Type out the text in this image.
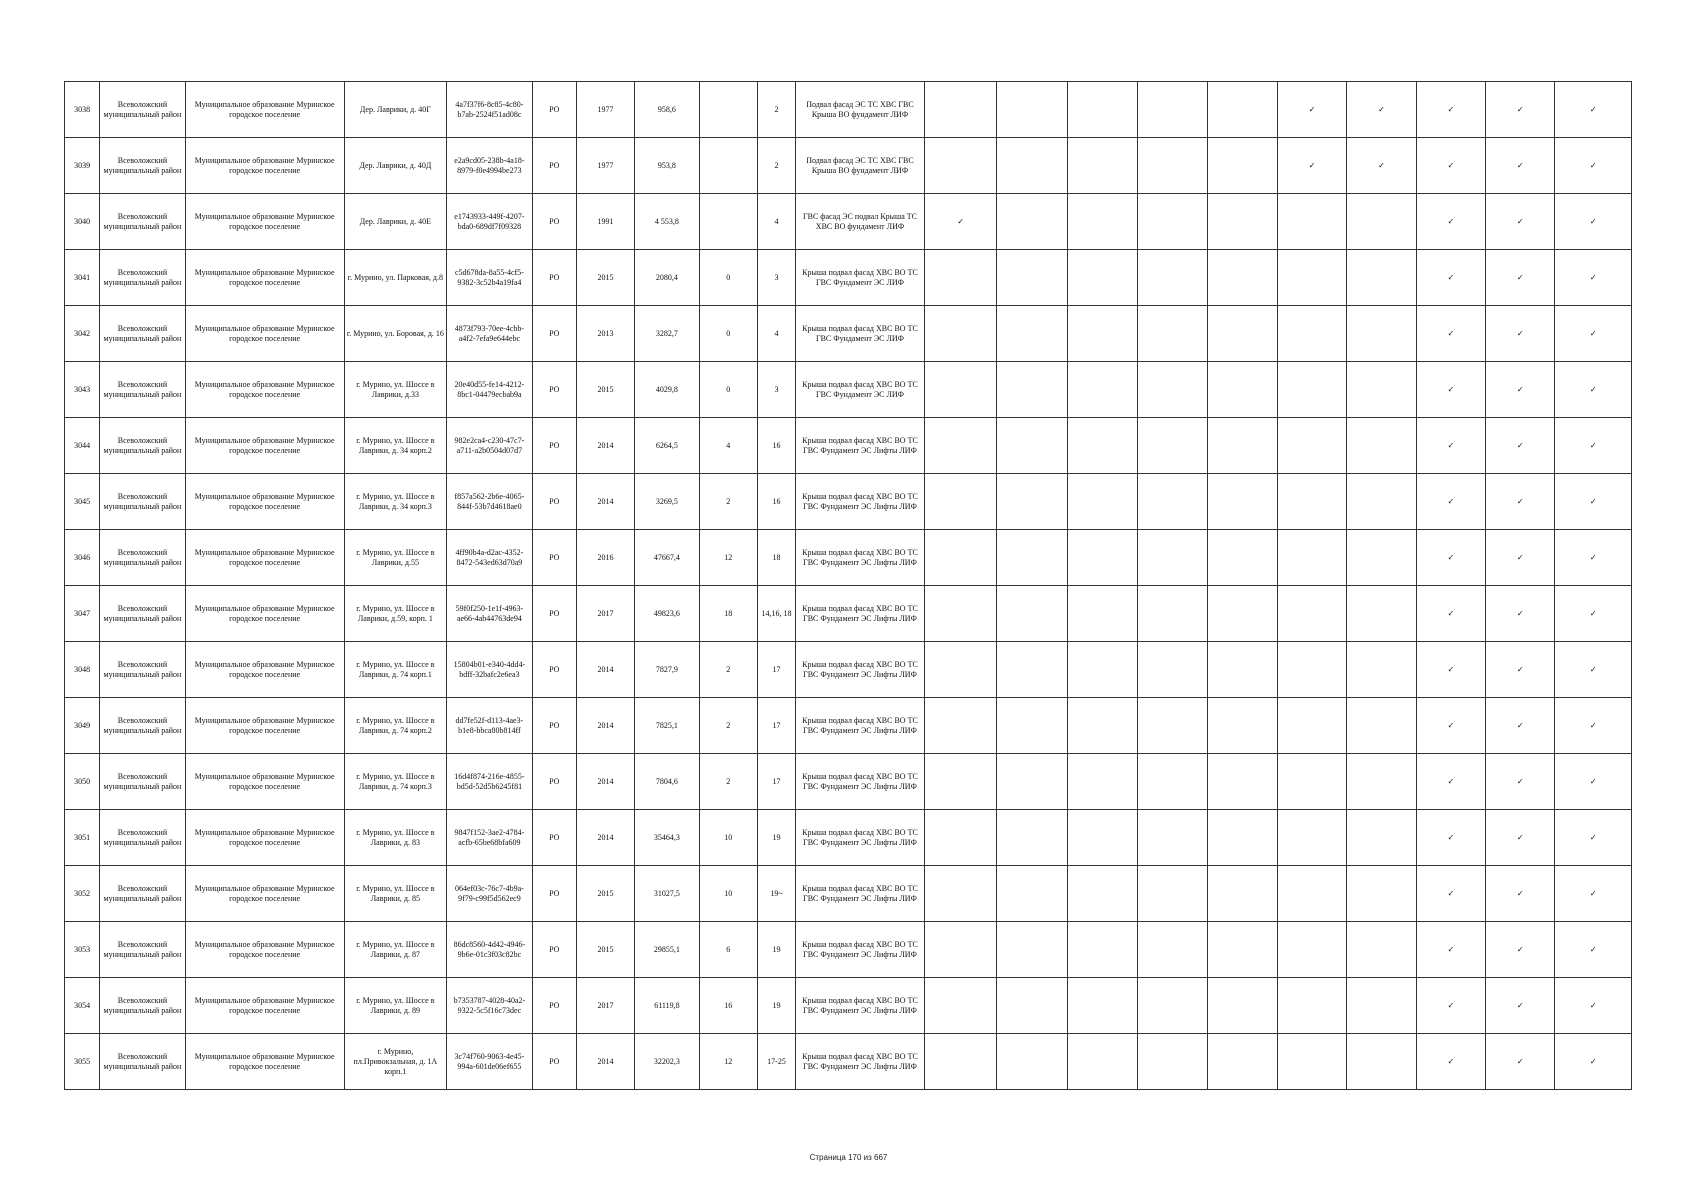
3038	Всеволожский муниципальный район	Муниципальное образование Муринское городское поселение	Дер. Лаврики, д. 40Г	4a7f37f6-8c85-4c80-b7ab-2524f51ad08c	РО	1977	958,6		2	Подвал фасад ЭС ТС ХВС ГВС Крыша ВО фундамент ЛИФ						✓	✓	✓	✓	✓
3039	Всеволожский муниципальный район	Муниципальное образование Муринское городское поселение	Дер. Лаврики, д. 40Д	e2a9cd05-238b-4a18-8979-f0e4994be273	РО	1977	953,8		2	Подвал фасад ЭС ТС ХВС ГВС Крыша ВО фундамент ЛИФ						✓	✓	✓	✓	✓
3040	Всеволожский муниципальный район	Муниципальное образование Муринское городское поселение	Дер. Лаврики, д. 40Е	e1743933-449f-4207-bda0-689df7f09328	РО	1991	4 553,8		4	ГВС фасад ЭС подвал Крыша ТС ХВС ВО фундамент ЛИФ	✓							✓	✓	✓
3041	Всеволожский муниципальный район	Муниципальное образование Муринское городское поселение	г. Мурино, ул. Парковая, д.8	c5d678da-8a55-4cf5-9382-3c52b4a19fa4	РО	2015	2080,4	0	3	Крыша подвал фасад ХВС ВО ТС ГВС Фундамент ЭС ЛИФ								✓	✓	✓
3042	Всеволожский муниципальный район	Муниципальное образование Муринское городское поселение	г. Мурино, ул. Боровая, д. 16	4873f793-70ee-4cbb-a4f2-7efa9e644ebc	РО	2013	3282,7	0	4	Крыша подвал фасад ХВС ВО ТС ГВС Фундамент ЭС ЛИФ								✓	✓	✓
3043	Всеволожский муниципальный район	Муниципальное образование Муринское городское поселение	г. Мурино, ул. Шоссе в Лаврики, д.33	20e40d55-fe14-4212-8bc1-04479ecbab9a	РО	2015	4029,8	0	3	Крыша подвал фасад ХВС ВО ТС ГВС Фундамент ЭС ЛИФ								✓	✓	✓
3044	Всеволожский муниципальный район	Муниципальное образование Муринское городское поселение	г. Мурино, ул. Шоссе в Лаврики, д. 34 корп.2	982e2ca4-c230-47c7-a711-a2b0504d07d7	РО	2014	6264,5	4	16	Крыша подвал фасад ХВС ВО ТС ГВС Фундамент ЭС Лифты ЛИФ								✓	✓	✓
3045	Всеволожский муниципальный район	Муниципальное образование Муринское городское поселение	г. Мурино, ул. Шоссе в Лаврики, д. 34 корп.3	f857a562-2b6e-4065-844f-53b7d4618ae0	РО	2014	3269,5	2	16	Крыша подвал фасад ХВС ВО ТС ГВС Фундамент ЭС Лифты ЛИФ								✓	✓	✓
3046	Всеволожский муниципальный район	Муниципальное образование Муринское городское поселение	г. Мурино, ул. Шоссе в Лаврики, д.55	4ff90b4a-d2ac-4352-8472-543ed63d70a9	РО	2016	47667,4	12	18	Крыша подвал фасад ХВС ВО ТС ГВС Фундамент ЭС Лифты ЛИФ								✓	✓	✓
3047	Всеволожский муниципальный район	Муниципальное образование Муринское городское поселение	г. Мурино, ул. Шоссе в Лаврики, д.59, корп. 1	59f0f250-1e1f-4963-ae66-4ab44763de94	РО	2017	49823,6	18	14,16, 18	Крыша подвал фасад ХВС ВО ТС ГВС Фундамент ЭС Лифты ЛИФ								✓	✓	✓
3048	Всеволожский муниципальный район	Муниципальное образование Муринское городское поселение	г. Мурино, ул. Шоссе в Лаврики, д. 74 корп.1	15804b01-e340-4dd4-bdff-32bafc2e6ea3	РО	2014	7827,9	2	17	Крыша подвал фасад ХВС ВО ТС ГВС Фундамент ЭС Лифты ЛИФ								✓	✓	✓
3049	Всеволожский муниципальный район	Муниципальное образование Муринское городское поселение	г. Мурино, ул. Шоссе в Лаврики, д. 74 корп.2	dd7fe52f-d113-4ae3-b1e8-bbca80b814ff	РО	2014	7825,1	2	17	Крыша подвал фасад ХВС ВО ТС ГВС Фундамент ЭС Лифты ЛИФ								✓	✓	✓
3050	Всеволожский муниципальный район	Муниципальное образование Муринское городское поселение	г. Мурино, ул. Шоссе в Лаврики, д. 74 корп.3	16d4f874-216e-4855-bd5d-52d5b6245f81	РО	2014	7804,6	2	17	Крыша подвал фасад ХВС ВО ТС ГВС Фундамент ЭС Лифты ЛИФ								✓	✓	✓
3051	Всеволожский муниципальный район	Муниципальное образование Муринское городское поселение	г. Мурино, ул. Шоссе в Лаврики, д. 83	9847f152-3ae2-4784-acfb-65be68bfa609	РО	2014	35464,3	10	19	Крыша подвал фасад ХВС ВО ТС ГВС Фундамент ЭС Лифты ЛИФ								✓	✓	✓
3052	Всеволожский муниципальный район	Муниципальное образование Муринское городское поселение	г. Мурино, ул. Шоссе в Лаврики, д. 85	064ef03c-76c7-4b9a-9f79-c99f5d562ec9	РО	2015	31027,5	10	19~	Крыша подвал фасад ХВС ВО ТС ГВС Фундамент ЭС Лифты ЛИФ								✓	✓	✓
3053	Всеволожский муниципальный район	Муниципальное образование Муринское городское поселение	г. Мурино, ул. Шоссе в Лаврики, д. 87	86dc8560-4d42-4946-9b6e-01c3f03c82bc	РО	2015	29855,1	6	19	Крыша подвал фасад ХВС ВО ТС ГВС Фундамент ЭС Лифты ЛИФ								✓	✓	✓
3054	Всеволожский муниципальный район	Муниципальное образование Муринское городское поселение	г. Мурино, ул. Шоссе в Лаврики, д. 89	b7353787-4028-40a2-9322-5c5f16c73dec	РО	2017	61119,8	16	19	Крыша подвал фасад ХВС ВО ТС ГВС Фундамент ЭС Лифты ЛИФ								✓	✓	✓
3055	Всеволожский муниципальный район	Муниципальное образование Муринское городское поселение	г. Мурино, пл.Привокзальная, д. 1А корп.1	3c74f760-9063-4e45-994a-601de06ef655	РО	2014	32202,3	12	17-25	Крыша подвал фасад ХВС ВО ТС ГВС Фундамент ЭС Лифты ЛИФ								✓	✓	✓
Страница 170 из 667
